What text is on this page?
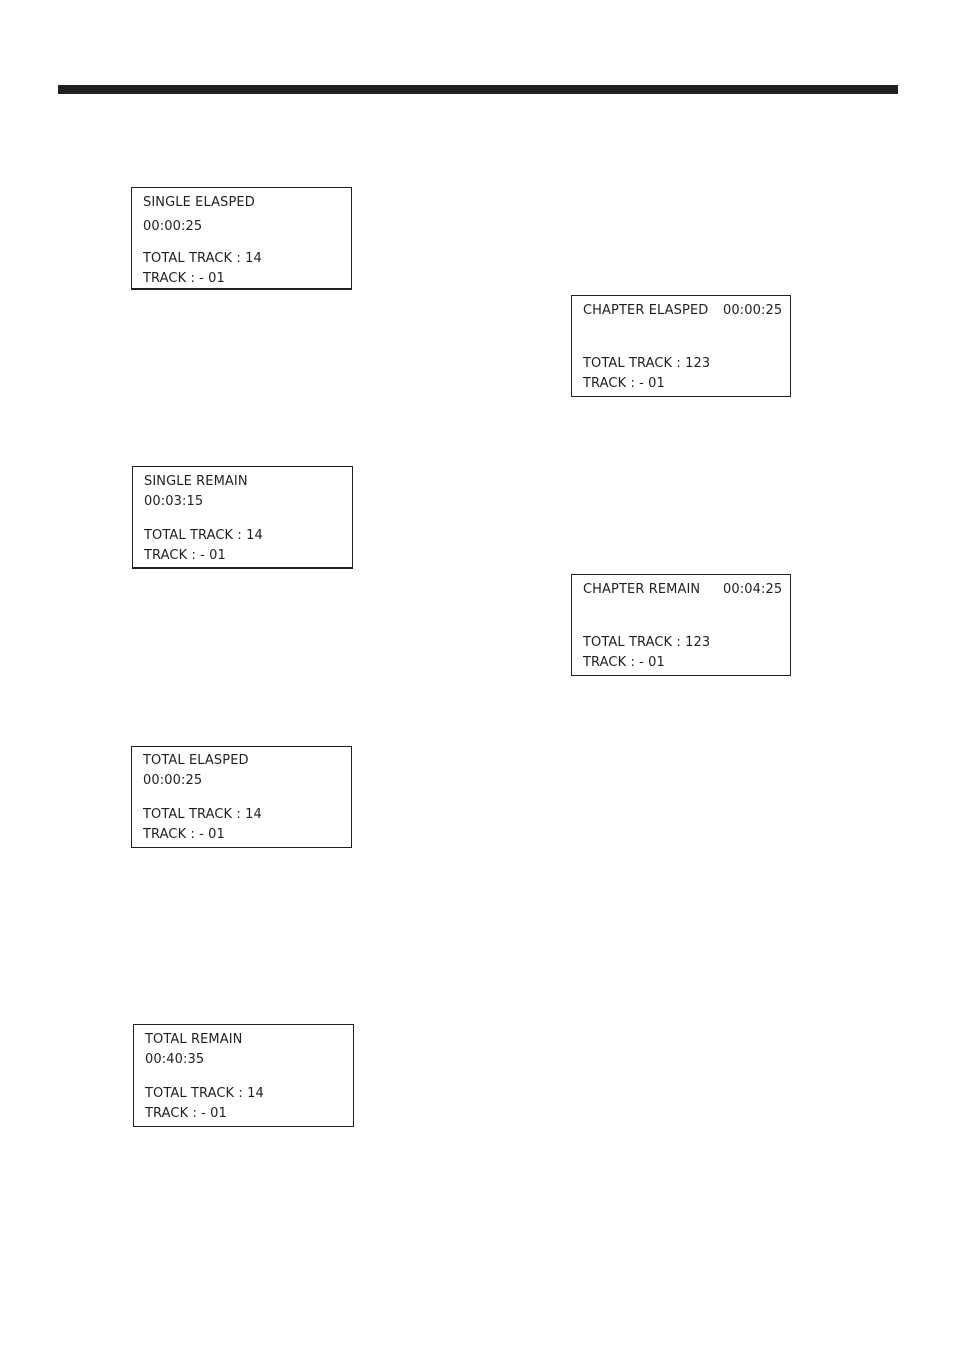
SINGLE ELASPED
00:00:25
TOTAL TRACK : 14
TRACK : - 01
SINGLE REMAIN
00:03:15
TOTAL TRACK : 14
TRACK : - 01
TOTAL ELASPED
00:00:25
TOTAL TRACK : 14
TRACK : - 01
TOTAL REMAIN
00:40:35
TOTAL TRACK : 14
TRACK : - 01
CHAPTER ELASPED 00:00:25
TOTAL TRACK : 123
TRACK : - 01
CHAPTER REMAIN 00:04:25
TOTAL TRACK : 123
TRACK : - 01
